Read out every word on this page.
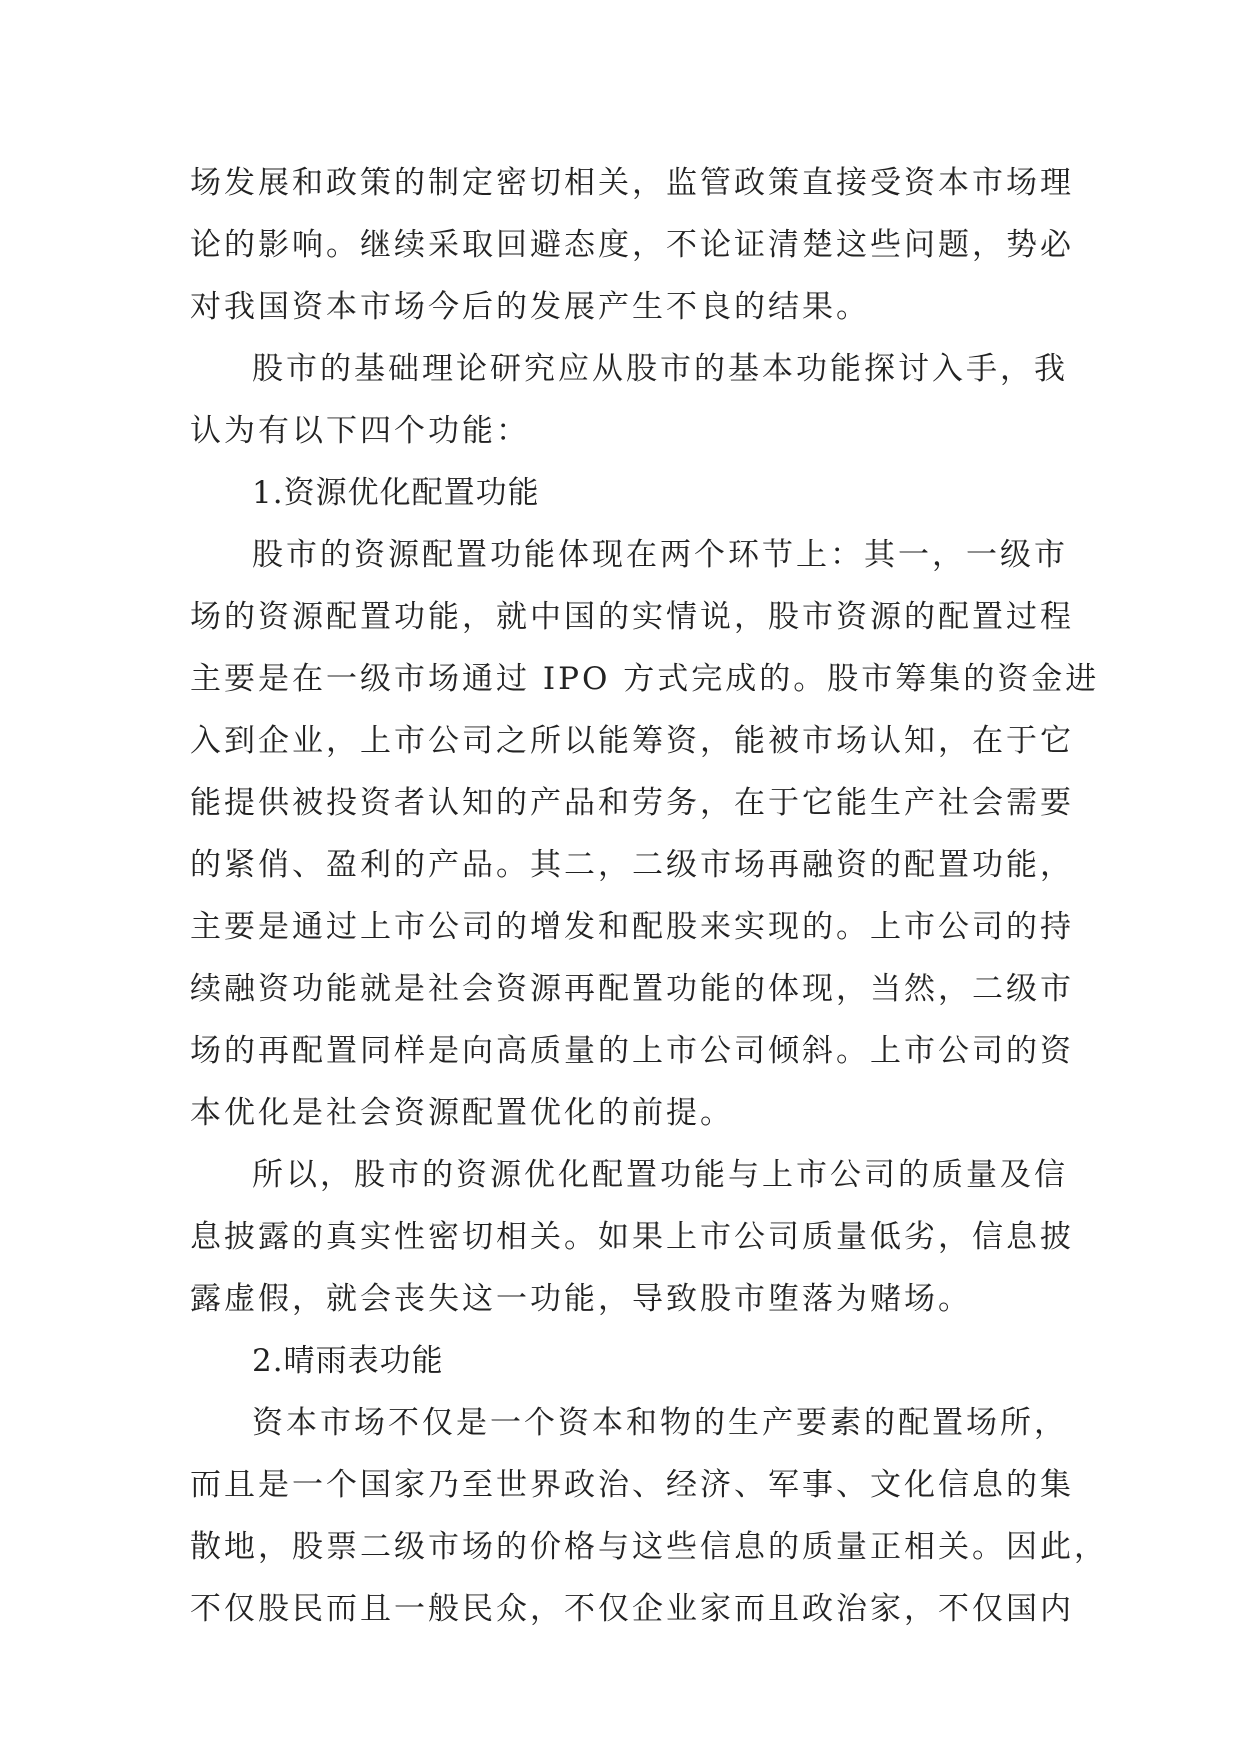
场发展和政策的制定密切相关，监管政策直接受资本市场理
论的影响。继续采取回避态度，不论证清楚这些问题，势必
对我国资本市场今后的发展产生不良的结果。
股市的基础理论研究应从股市的基本功能探讨入手，我
认为有以下四个功能：
1.资源优化配置功能
股市的资源配置功能体现在两个环节上：其一，一级市
场的资源配置功能，就中国的实情说，股市资源的配置过程
主要是在一级市场通过 IPO 方式完成的。股市筹集的资金进
入到企业，上市公司之所以能筹资，能被市场认知，在于它
能提供被投资者认知的产品和劳务，在于它能生产社会需要
的紧俏、盈利的产品。其二，二级市场再融资的配置功能，
主要是通过上市公司的增发和配股来实现的。上市公司的持
续融资功能就是社会资源再配置功能的体现，当然，二级市
场的再配置同样是向高质量的上市公司倾斜。上市公司的资
本优化是社会资源配置优化的前提。
所以，股市的资源优化配置功能与上市公司的质量及信
息披露的真实性密切相关。如果上市公司质量低劣，信息披
露虚假，就会丧失这一功能，导致股市堕落为赌场。
2.晴雨表功能
资本市场不仅是一个资本和物的生产要素的配置场所，
而且是一个国家乃至世界政治、经济、军事、文化信息的集
散地，股票二级市场的价格与这些信息的质量正相关。因此，
不仅股民而且一般民众，不仅企业家而且政治家，不仅国内
